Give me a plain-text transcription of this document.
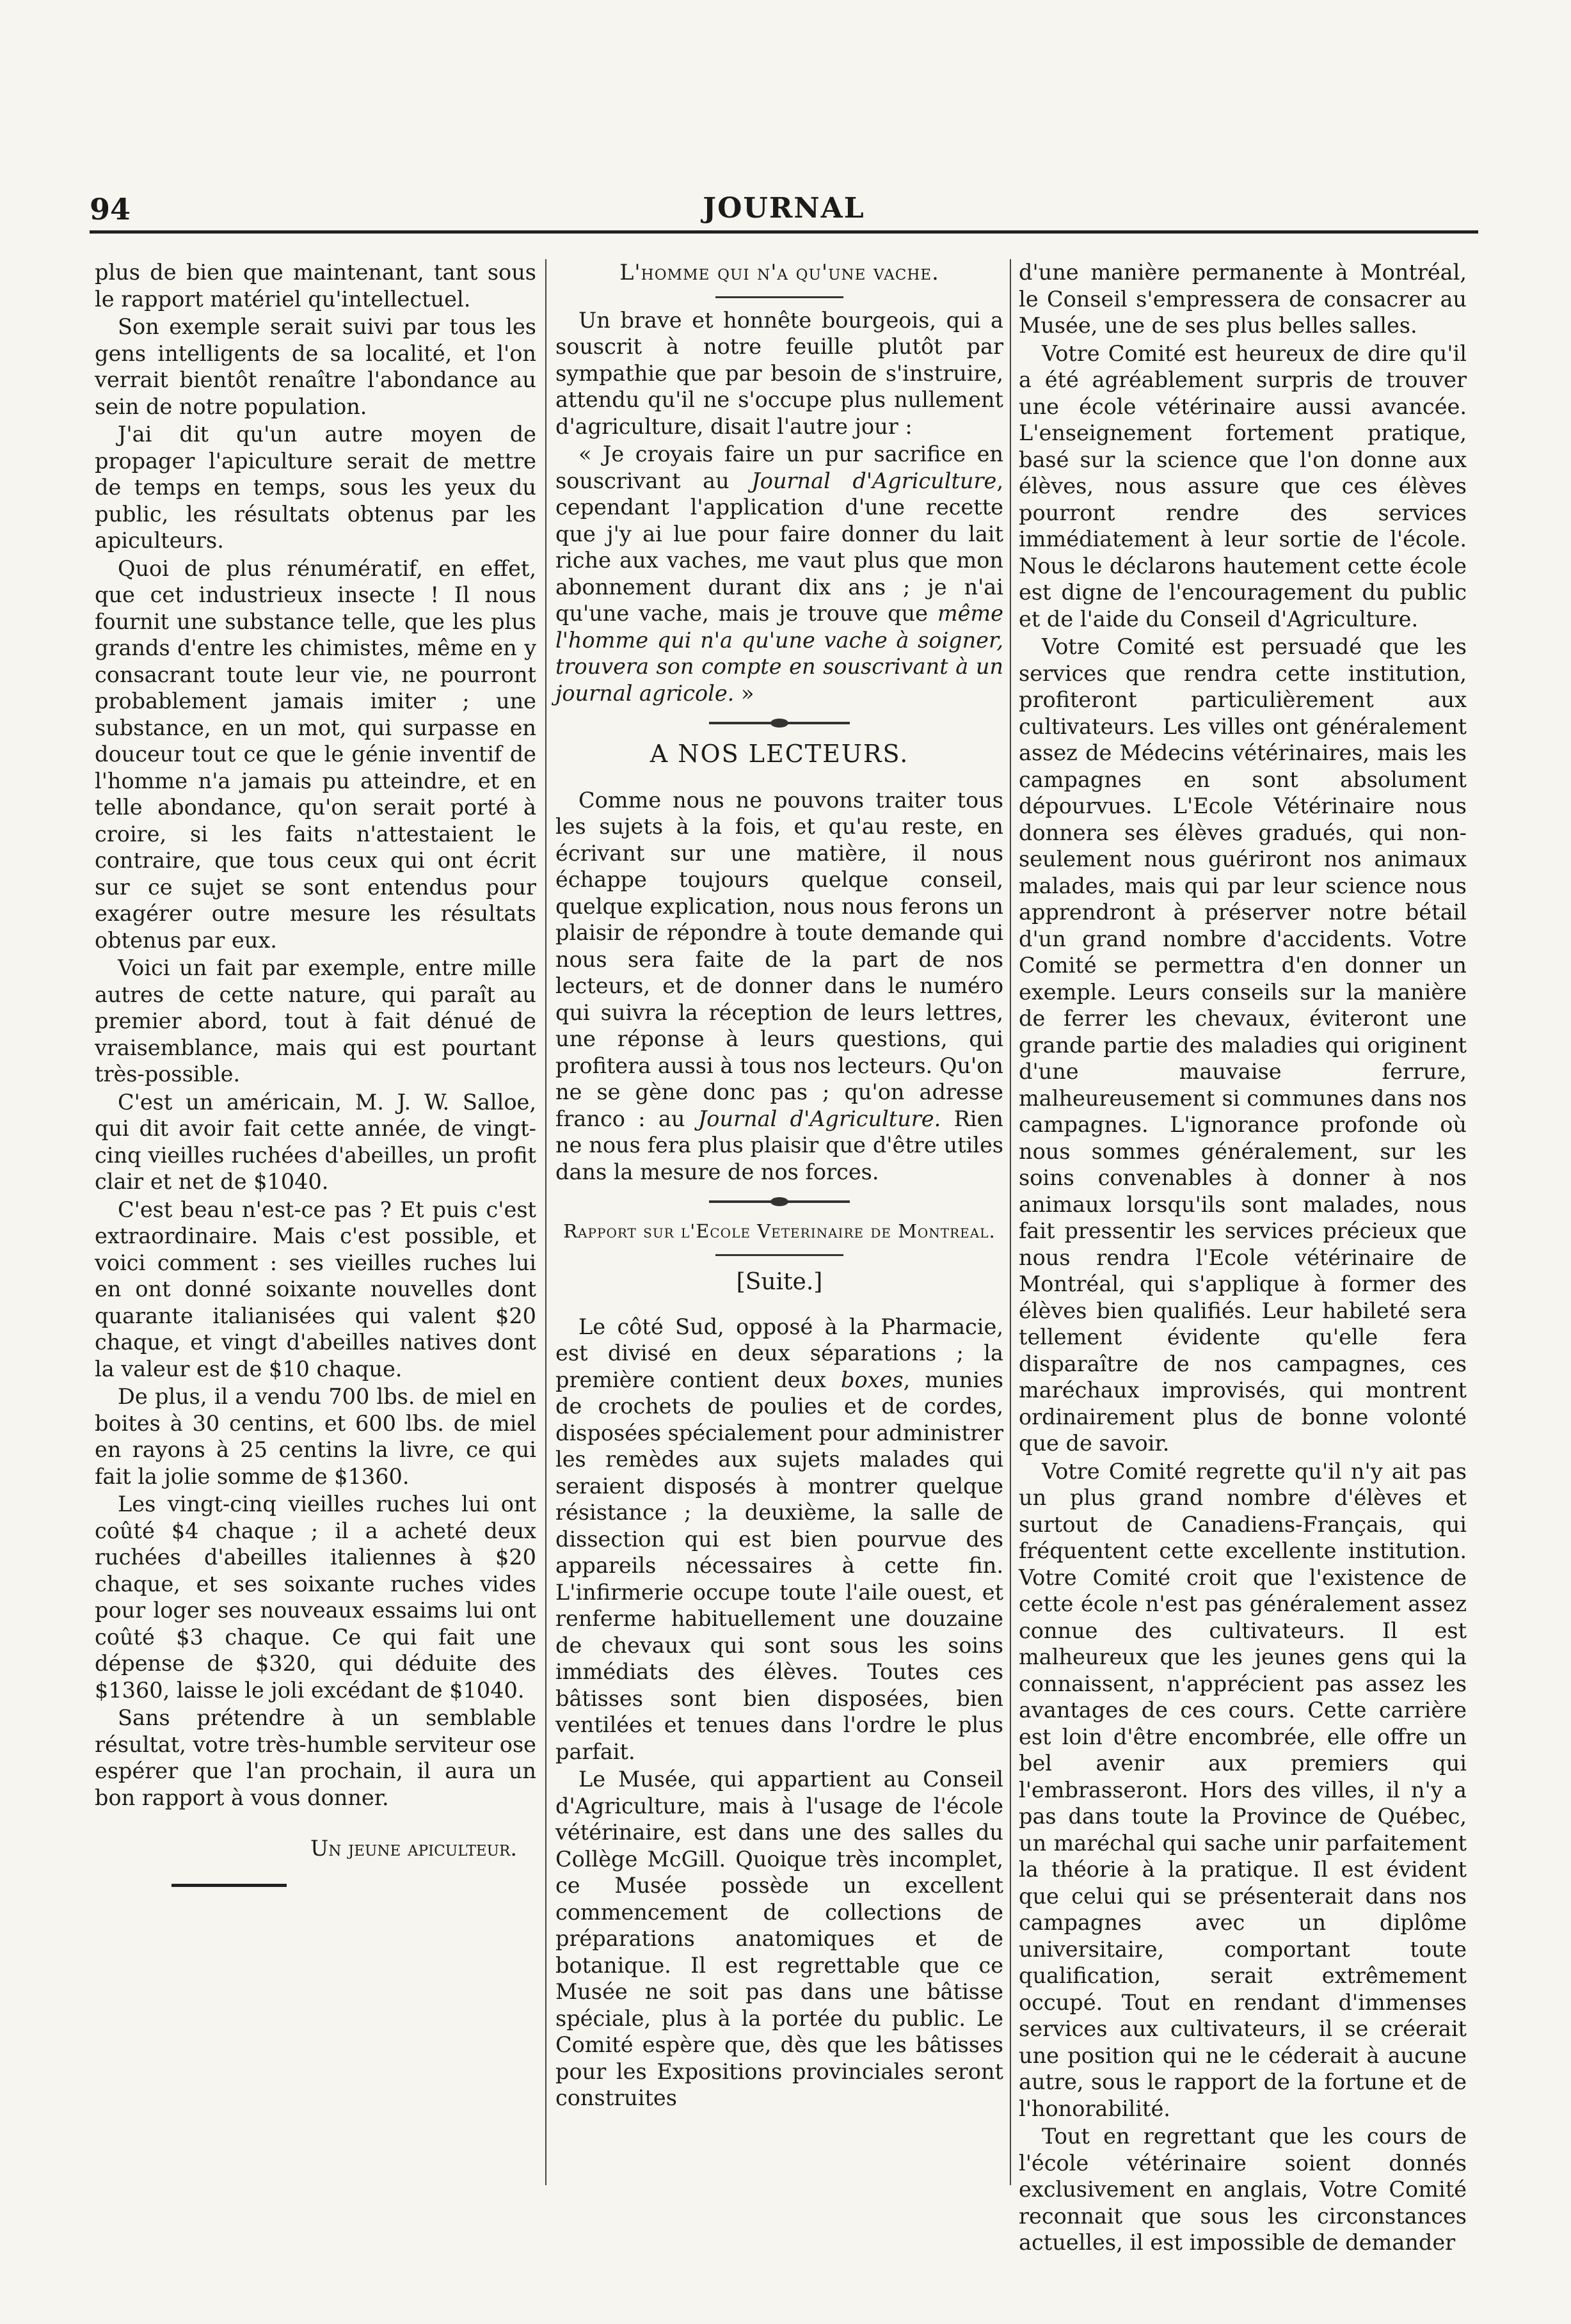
94	JOURNAL

plus de bien que maintenant, tant sous le rapport matériel qu'intellectuel.

Son exemple serait suivi par tous les gens intelligents de sa localité, et l'on verrait bientôt renaître l'abondance au sein de notre population.

J'ai dit qu'un autre moyen de propager l'apiculture serait de mettre de temps en temps, sous les yeux du public, les résultats obtenus par les apiculteurs.

Quoi de plus rénumératif, en effet, que cet industrieux insecte ! Il nous fournit une substance telle, que les plus grands d'entre les chimistes, même en y consacrant toute leur vie, ne pourront probablement jamais imiter ; une substance, en un mot, qui surpasse en douceur tout ce que le génie inventif de l'homme n'a jamais pu atteindre, et en telle abondance, qu'on serait porté à croire, si les faits n'attestaient le contraire, que tous ceux qui ont écrit sur ce sujet se sont entendus pour exagérer outre mesure les résultats obtenus par eux.

Voici un fait par exemple, entre mille autres de cette nature, qui paraît au premier abord, tout à fait dénué de vraisemblance, mais qui est pourtant très-possible.

C'est un américain, M. J. W. Salloe, qui dit avoir fait cette année, de vingt-cinq vieilles ruchées d'abeilles, un profit clair et net de $1040.

C'est beau n'est-ce pas ? Et puis c'est extraordinaire. Mais c'est possible, et voici comment : ses vieilles ruches lui en ont donné soixante nouvelles dont quarante italianisées qui valent $20 chaque, et vingt d'abeilles natives dont la valeur est de $10 chaque.

De plus, il a vendu 700 lbs. de miel en boites à 30 centins, et 600 lbs. de miel en rayons à 25 centins la livre, ce qui fait la jolie somme de $1360.

Les vingt-cinq vieilles ruches lui ont coûté $4 chaque ; il a acheté deux ruchées d'abeilles italiennes à $20 chaque, et ses soixante ruches vides pour loger ses nouveaux essaims lui ont coûté $3 chaque. Ce qui fait une dépense de $320, qui déduite des $1360, laisse le joli excédant de $1040.

Sans prétendre à un semblable résultat, votre très-humble serviteur ose espérer que l'an prochain, il aura un bon rapport à vous donner.

Un jeune apiculteur.
L'homme qui n'a qu'une vache.

Un brave et honnête bourgeois, qui a souscrit à notre feuille plutôt par sympathie que par besoin de s'instruire, attendu qu'il ne s'occupe plus nullement d'agriculture, disait l'autre jour :

« Je croyais faire un pur sacrifice en souscrivant au Journal d'Agriculture, cependant l'application d'une recette que j'y ai lue pour faire donner du lait riche aux vaches, me vaut plus que mon abonnement durant dix ans ; je n'ai qu'une vache, mais je trouve que même l'homme qui n'a qu'une vache à soigner, trouvera son compte en souscrivant à un journal agricole. »

A NOS LECTEURS.

Comme nous ne pouvons traiter tous les sujets à la fois, et qu'au reste, en écrivant sur une matière, il nous échappe toujours quelque conseil, quelque explication, nous nous ferons un plaisir de répondre à toute demande qui nous sera faite de la part de nos lecteurs, et de donner dans le numéro qui suivra la réception de leurs lettres, une réponse à leurs questions, qui profitera aussi à tous nos lecteurs. Qu'on ne se gène donc pas ; qu'on adresse franco : au Journal d'Agriculture. Rien ne nous fera plus plaisir que d'être utiles dans la mesure de nos forces.

Rapport sur l'Ecole Veterinaire de Montreal.
[Suite.]

Le côté Sud, opposé à la Pharmacie, est divisé en deux séparations ; la première contient deux boxes, munies de crochets de poulies et de cordes, disposées spécialement pour administrer les remèdes aux sujets malades qui seraient disposés à montrer quelque résistance ; la deuxième, la salle de dissection qui est bien pourvue des appareils nécessaires à cette fin. L'infirmerie occupe toute l'aile ouest, et renferme habituellement une douzaine de chevaux qui sont sous les soins immédiats des élèves. Toutes ces bâtisses sont bien disposées, bien ventilées et tenues dans l'ordre le plus parfait.

Le Musée, qui appartient au Conseil d'Agriculture, mais à l'usage de l'école vétérinaire, est dans une des salles du Collège McGill. Quoique très incomplet, ce Musée possède un excellent commencement de collections de préparations anatomiques et de botanique. Il est regrettable que ce Musée ne soit pas dans une bâtisse spéciale, plus à la portée du public. Le Comité espère que, dès que les bâtisses pour les Expositions provinciales seront construites

d'une manière permanente à Montréal, le Conseil s'empressera de consacrer au Musée, une de ses plus belles salles.

Votre Comité est heureux de dire qu'il a été agréablement surpris de trouver une école vétérinaire aussi avancée. L'enseignement fortement pratique, basé sur la science que l'on donne aux élèves, nous assure que ces élèves pourront rendre des services immédiatement à leur sortie de l'école. Nous le déclarons hautement cette école est digne de l'encouragement du public et de l'aide du Conseil d'Agriculture.

Votre Comité est persuadé que les services que rendra cette institution, profiteront particulièrement aux cultivateurs. Les villes ont généralement assez de Médecins vétérinaires, mais les campagnes en sont absolument dépourvues. L'Ecole Vétérinaire nous donnera ses élèves gradués, qui non-seulement nous guériront nos animaux malades, mais qui par leur science nous apprendront à préserver notre bétail d'un grand nombre d'accidents. Votre Comité se permettra d'en donner un exemple. Leurs conseils sur la manière de ferrer les chevaux, éviteront une grande partie des maladies qui originent d'une mauvaise ferrure, malheureusement si communes dans nos campagnes. L'ignorance profonde où nous sommes généralement, sur les soins convenables à donner à nos animaux lorsqu'ils sont malades, nous fait pressentir les services précieux que nous rendra l'Ecole vétérinaire de Montréal, qui s'applique à former des élèves bien qualifiés. Leur habileté sera tellement évidente qu'elle fera disparaître de nos campagnes, ces maréchaux improvisés, qui montrent ordinairement plus de bonne volonté que de savoir.

Votre Comité regrette qu'il n'y ait pas un plus grand nombre d'élèves et surtout de Canadiens-Français, qui fréquentent cette excellente institution. Votre Comité croit que l'existence de cette école n'est pas généralement assez connue des cultivateurs. Il est malheureux que les jeunes gens qui la connaissent, n'apprécient pas assez les avantages de ces cours. Cette carrière est loin d'être encombrée, elle offre un bel avenir aux premiers qui l'embrasseront. Hors des villes, il n'y a pas dans toute la Province de Québec, un maréchal qui sache unir parfaitement la théorie à la pratique. Il est évident que celui qui se présenterait dans nos campagnes avec un diplôme universitaire, comportant toute qualification, serait extrêmement occupé. Tout en rendant d'immenses services aux cultivateurs, il se créerait une position qui ne le céderait à aucune autre, sous le rapport de la fortune et de l'honorabilité.

Tout en regrettant que les cours de l'école vétérinaire soient donnés exclusivement en anglais, Votre Comité reconnait que sous les circonstances actuelles, il est impossible de demander
